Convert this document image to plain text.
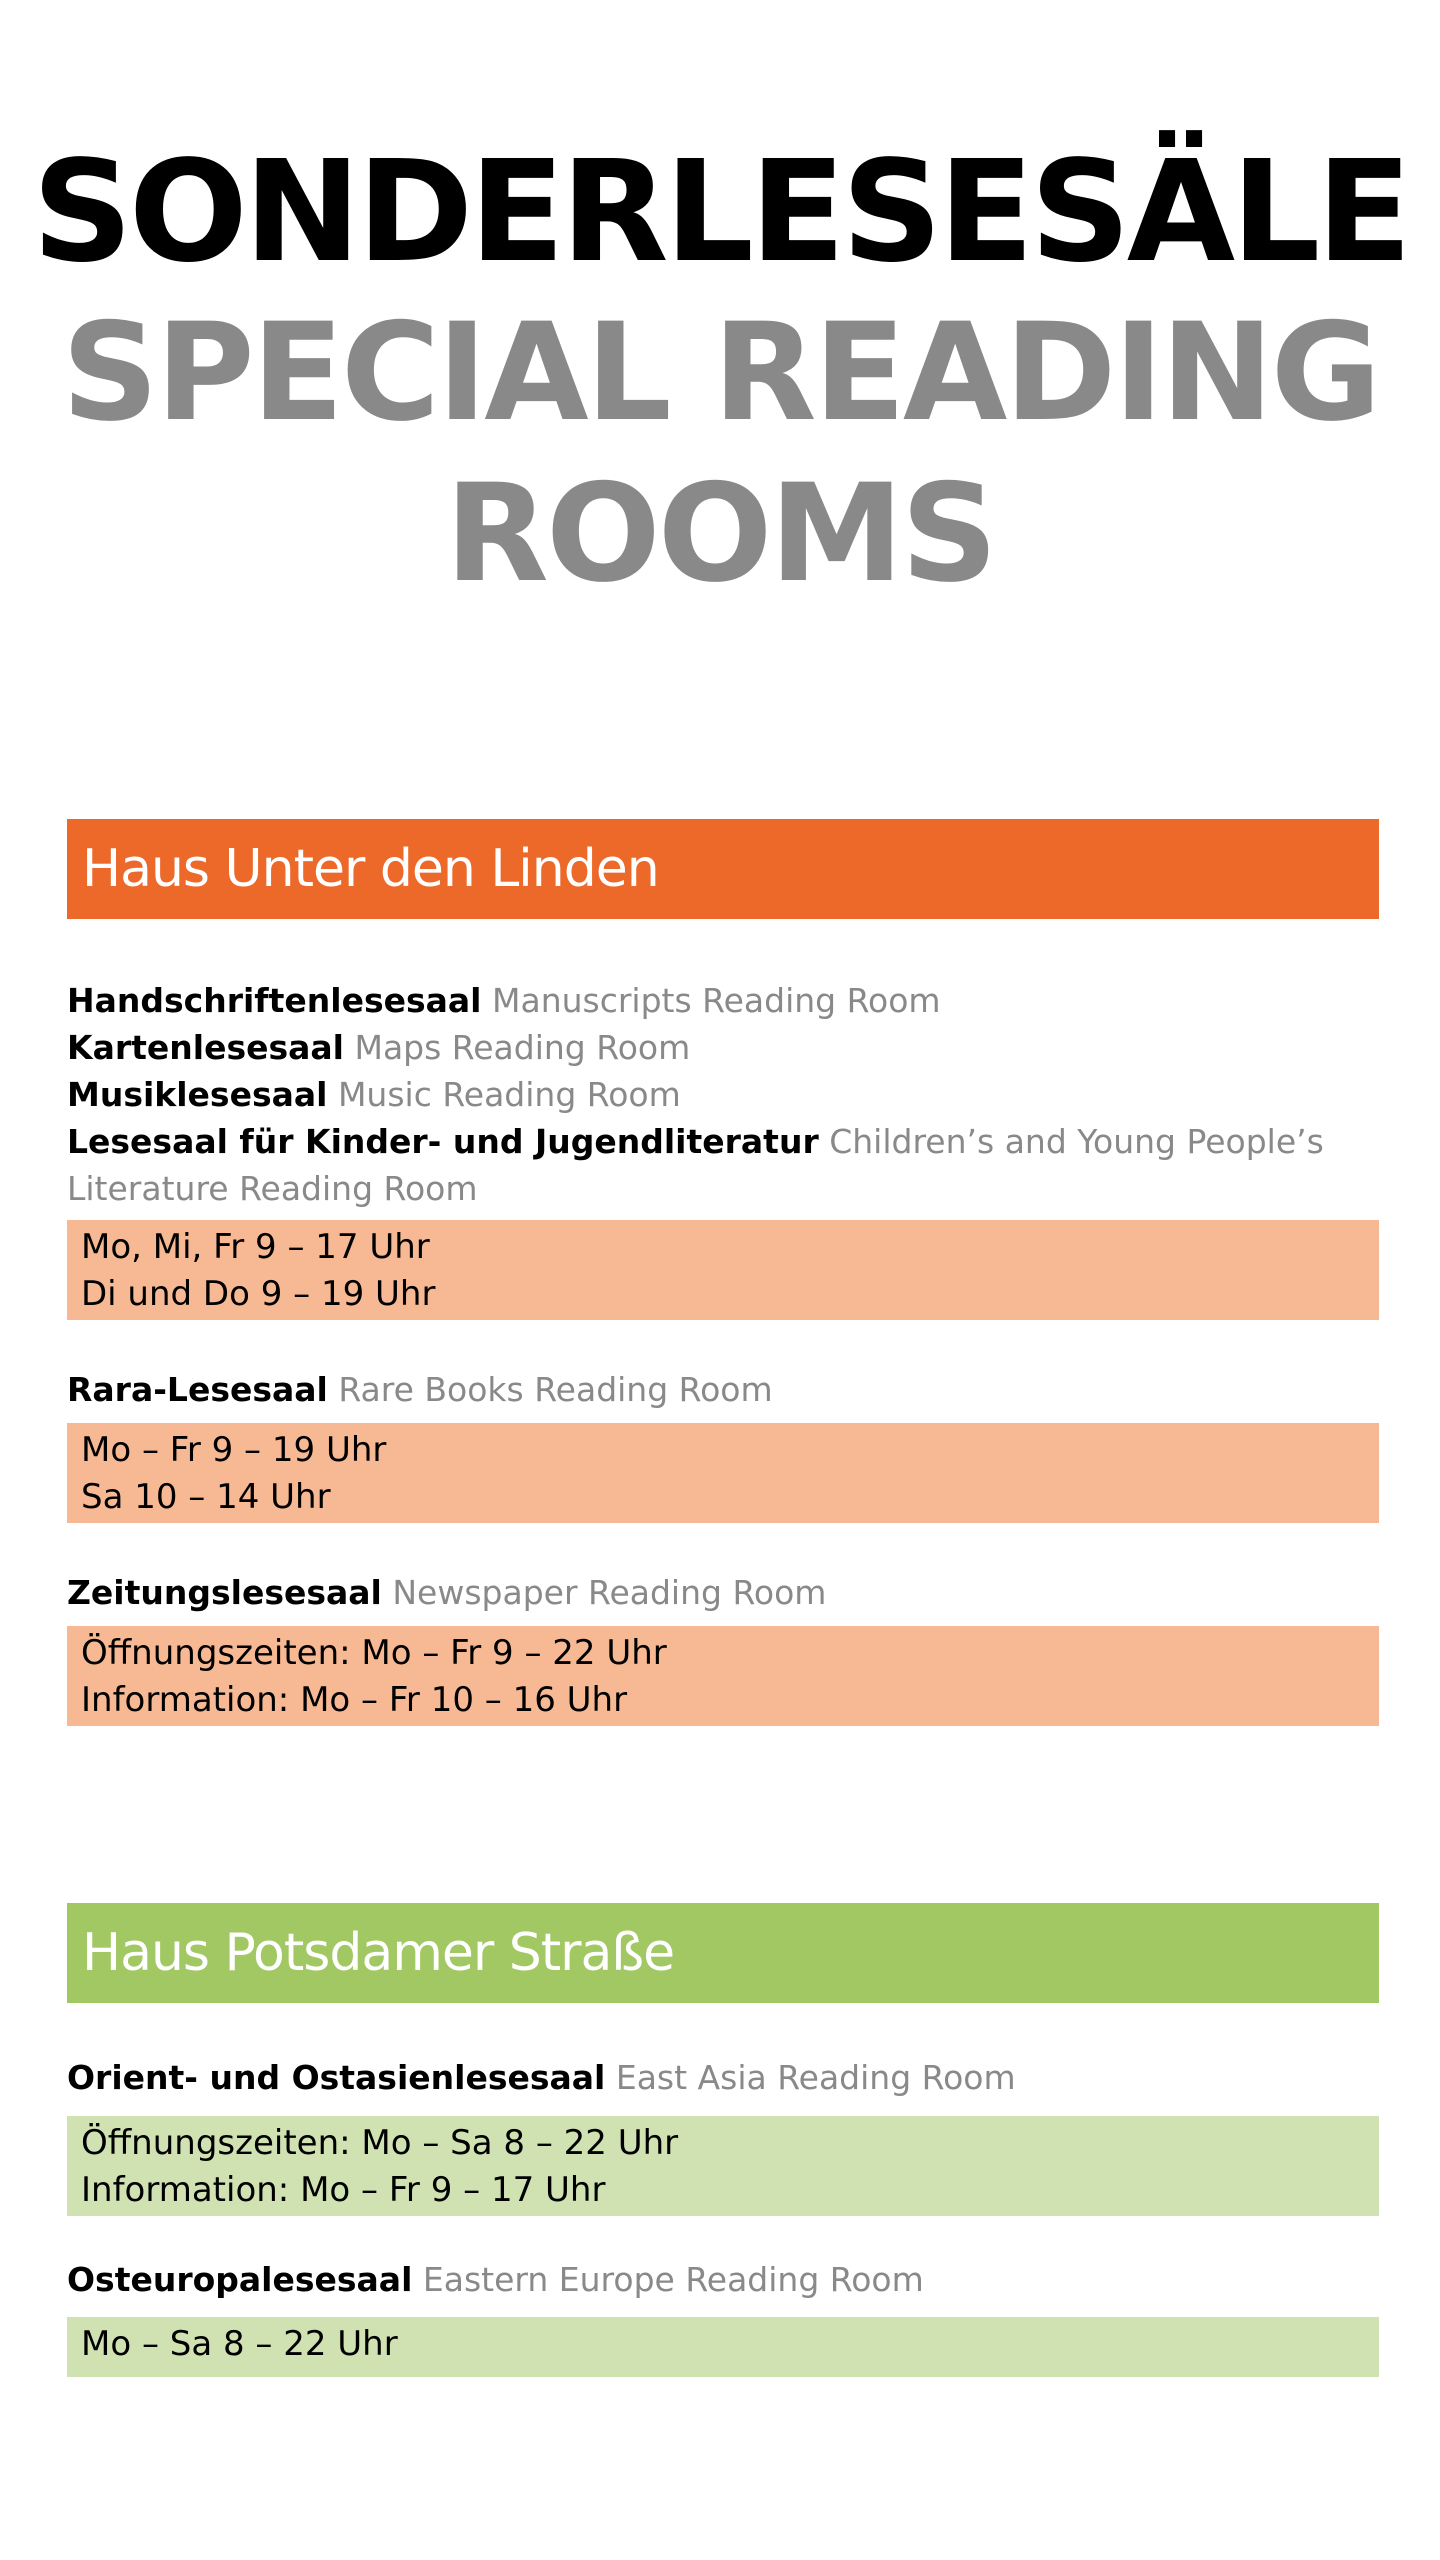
SONDERLESESÄLE
SPECIAL READING
ROOMS
Haus Unter den Linden
Handschriftenlesesaal Manuscripts Reading Room
Kartenlesesaal Maps Reading Room
Musiklesesaal Music Reading Room
Lesesaal für Kinder- und Jugendliteratur Children’s and Young People’s
Literature Reading Room
Mo, Mi, Fr 9 – 17 Uhr
Di und Do 9 – 19 Uhr
Rara-Lesesaal Rare Books Reading Room
Mo – Fr 9 – 19 Uhr
Sa 10 – 14 Uhr
Zeitungslesesaal Newspaper Reading Room
Öffnungszeiten: Mo – Fr 9 – 22 Uhr
Information: Mo – Fr 10 – 16 Uhr
Haus Potsdamer Straße
Orient- und Ostasienlesesaal East Asia Reading Room
Öffnungszeiten: Mo – Sa 8 – 22 Uhr
Information: Mo – Fr 9 – 17 Uhr
Osteuropalesesaal Eastern Europe Reading Room
Mo – Sa 8 – 22 Uhr
